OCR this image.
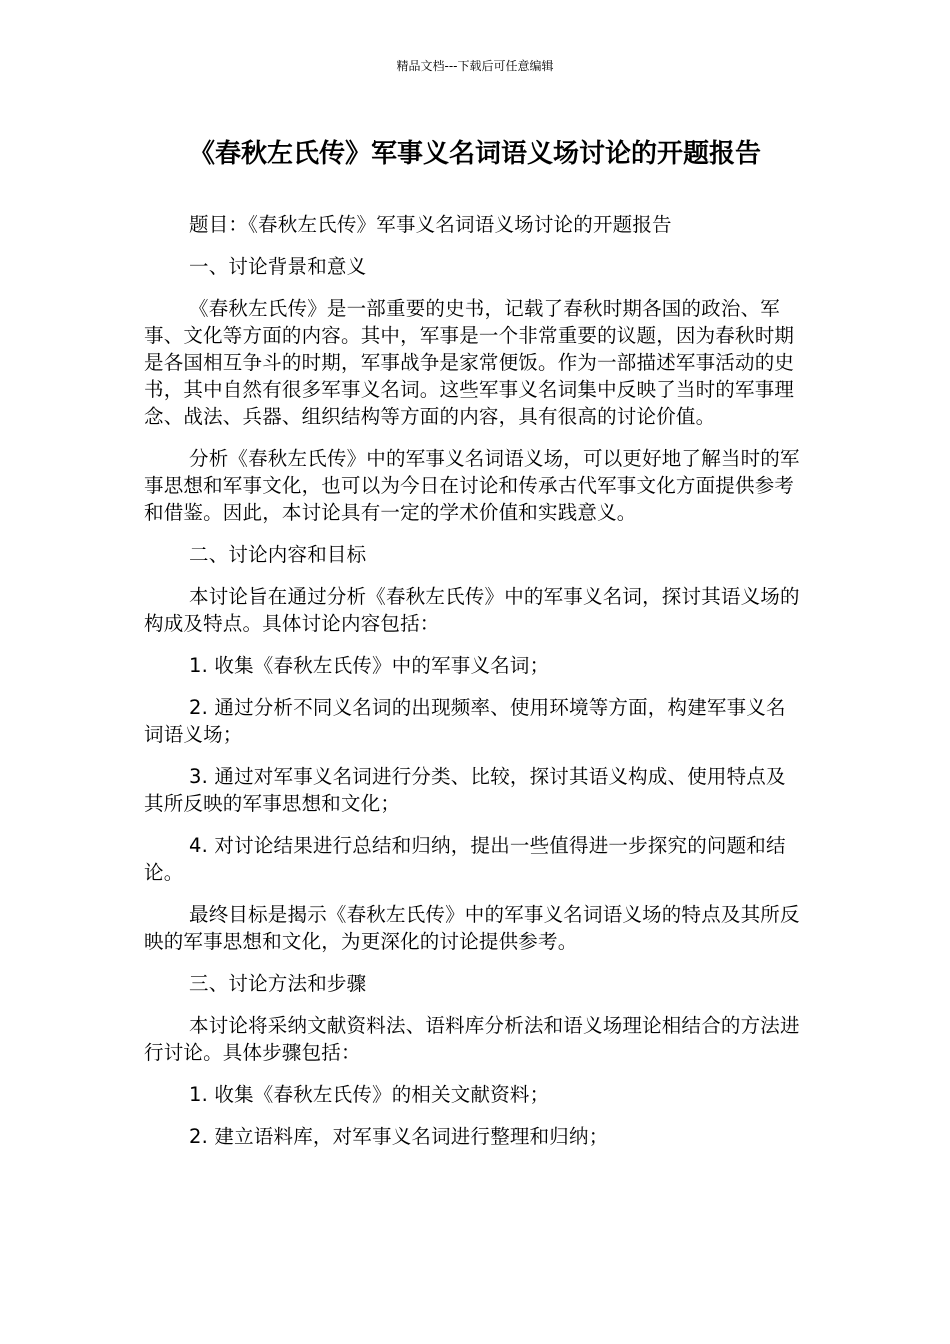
精品文档---下载后可任意编辑
《春秋左氏传》军事义名词语义场讨论的开题报告

题目：《春秋左氏传》军事义名词语义场讨论的开题报告

一、讨论背景和意义

《春秋左氏传》是一部重要的史书，记载了春秋时期各国的政治、军事、文化等方面的内容。其中，军事是一个非常重要的议题，因为春秋时期是各国相互争斗的时期，军事战争是家常便饭。作为一部描述军事活动的史书，其中自然有很多军事义名词。这些军事义名词集中反映了当时的军事理念、战法、兵器、组织结构等方面的内容，具有很高的讨论价值。

分析《春秋左氏传》中的军事义名词语义场，可以更好地了解当时的军事思想和军事文化，也可以为今日在讨论和传承古代军事文化方面提供参考和借鉴。因此，本讨论具有一定的学术价值和实践意义。

二、讨论内容和目标

本讨论旨在通过分析《春秋左氏传》中的军事义名词，探讨其语义场的构成及特点。具体讨论内容包括：

1. 收集《春秋左氏传》中的军事义名词；

2. 通过分析不同义名词的出现频率、使用环境等方面，构建军事义名词语义场；

3. 通过对军事义名词进行分类、比较，探讨其语义构成、使用特点及其所反映的军事思想和文化；

4. 对讨论结果进行总结和归纳，提出一些值得进一步探究的问题和结论。

最终目标是揭示《春秋左氏传》中的军事义名词语义场的特点及其所反映的军事思想和文化，为更深化的讨论提供参考。

三、讨论方法和步骤

本讨论将采纳文献资料法、语料库分析法和语义场理论相结合的方法进行讨论。具体步骤包括：

1. 收集《春秋左氏传》的相关文献资料；

2. 建立语料库，对军事义名词进行整理和归纳；
